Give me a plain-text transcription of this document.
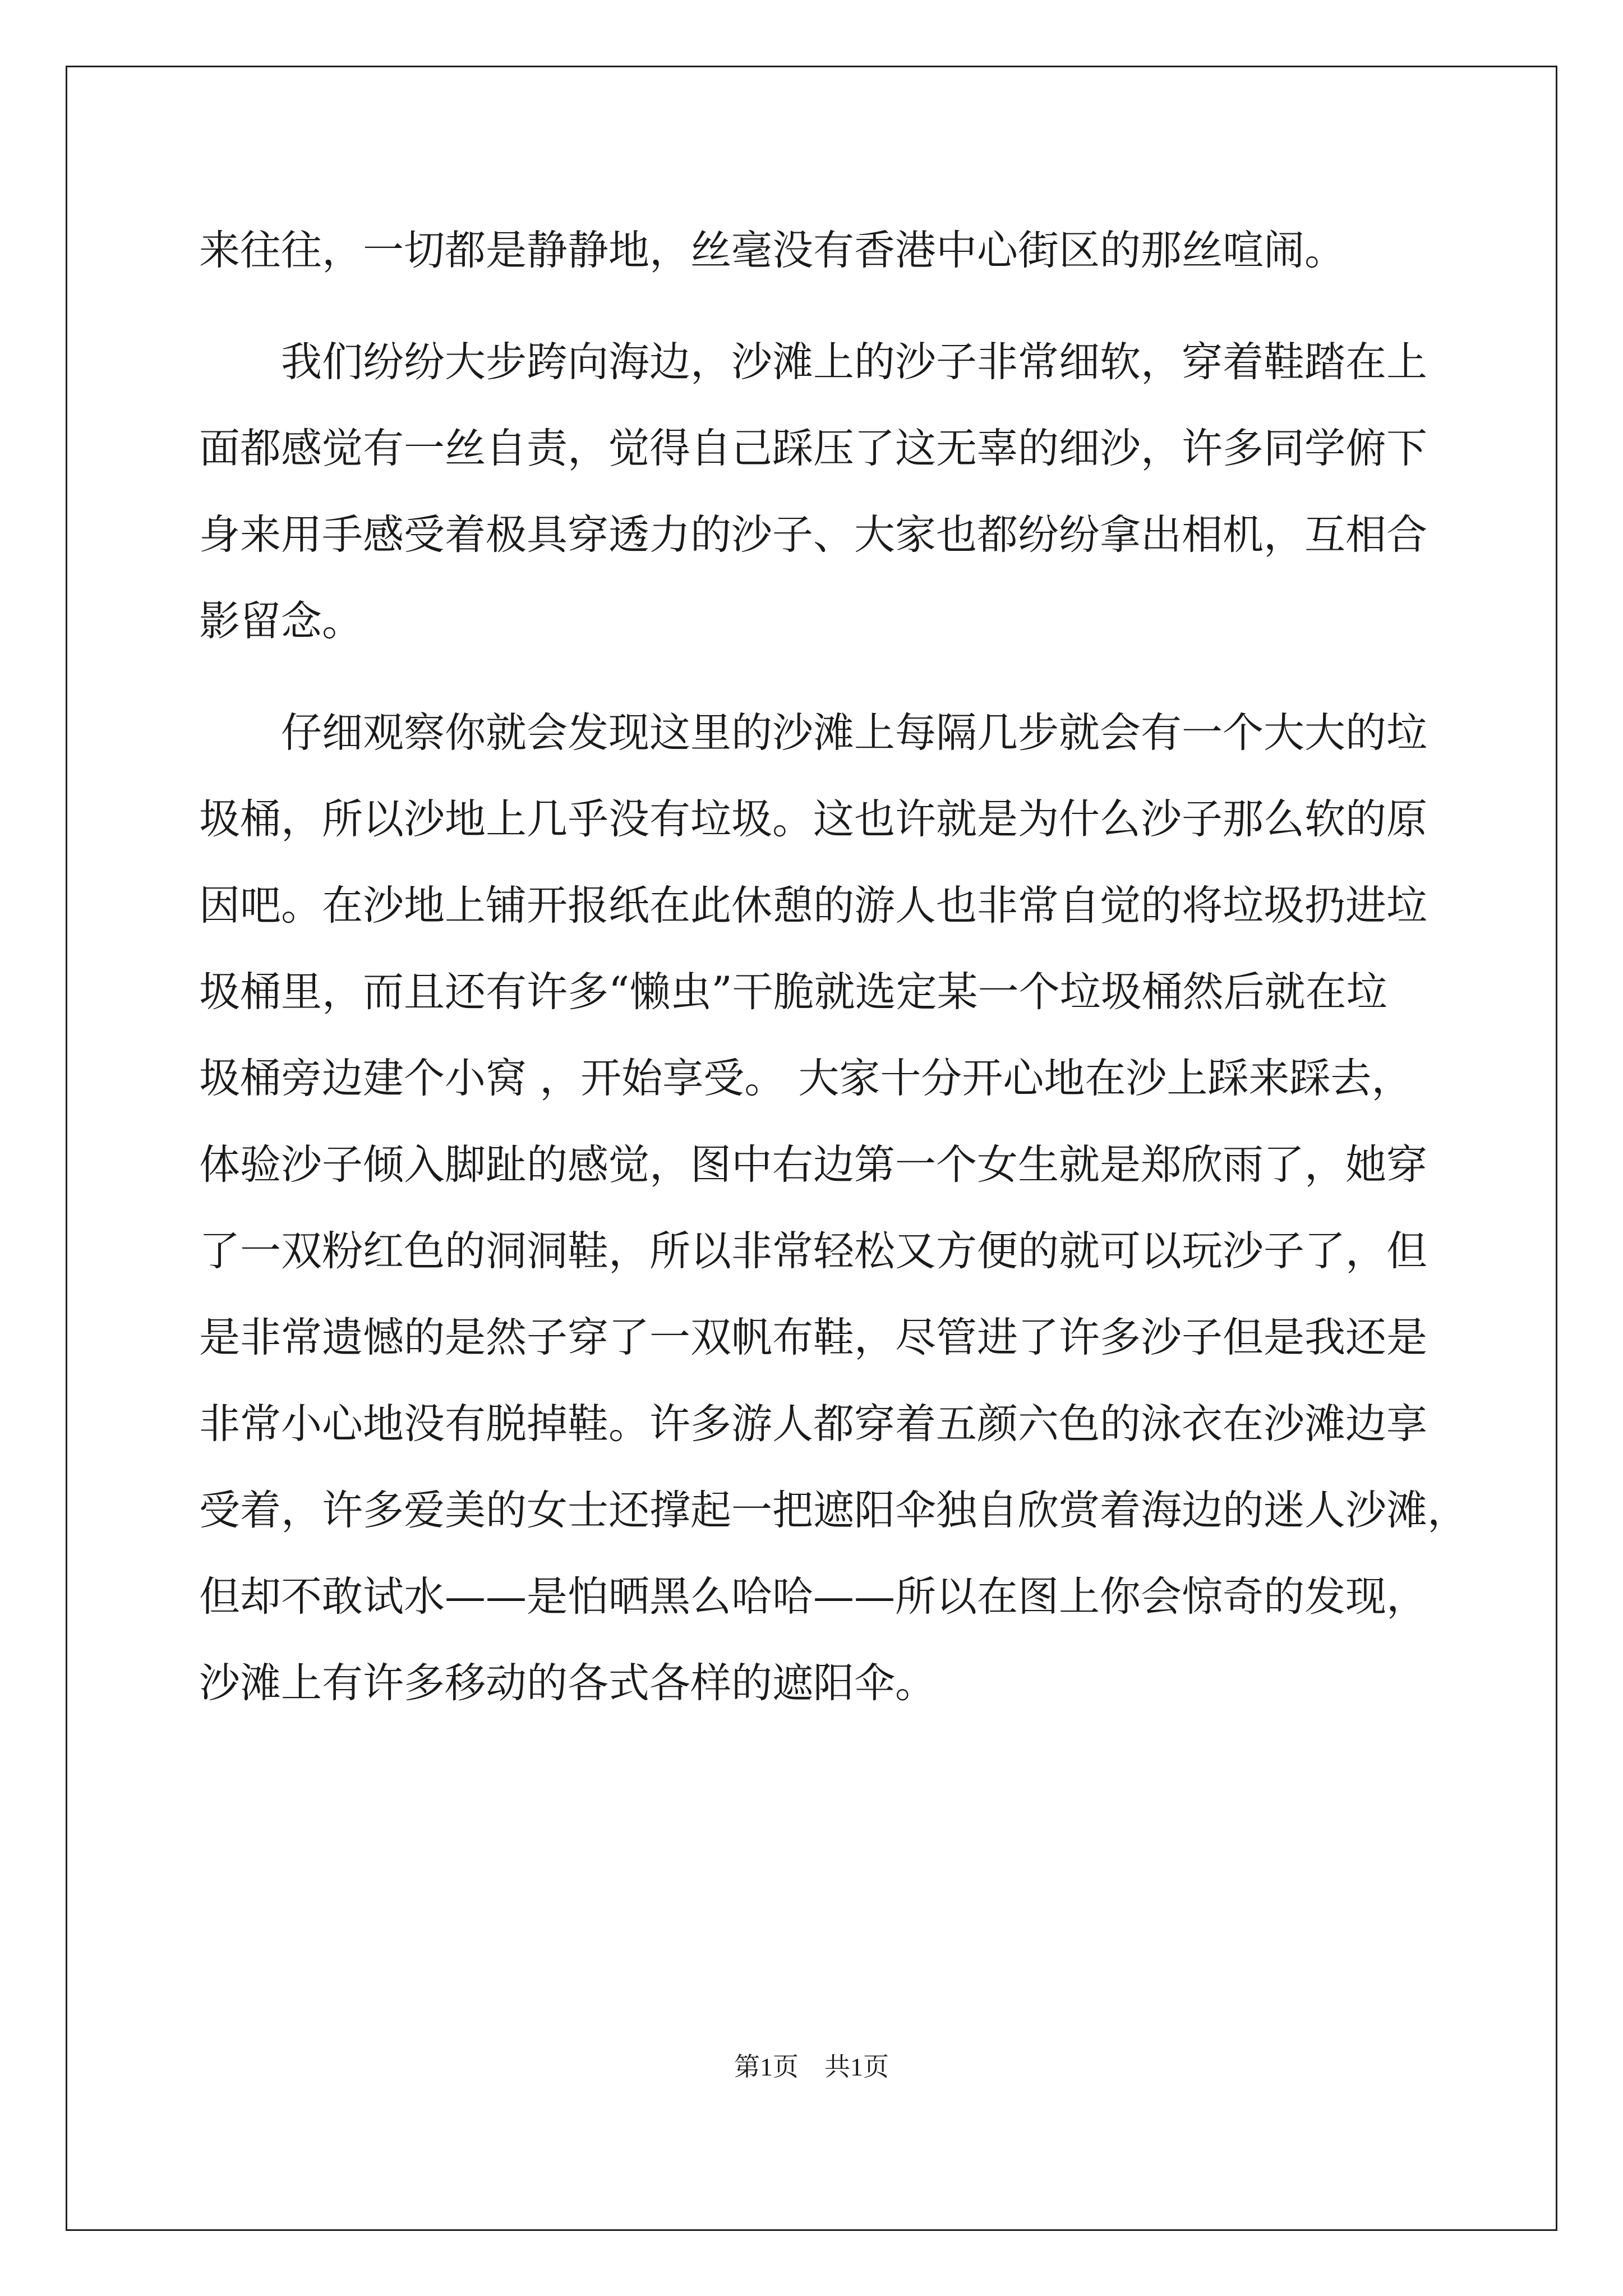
来往往，一切都是静静地，丝毫没有香港中心街区的那丝喧闹。
　　我们纷纷大步跨向海边，沙滩上的沙子非常细软，穿着鞋踏在上
面都感觉有一丝自责，觉得自己踩压了这无辜的细沙，许多同学俯下
身来用手感受着极具穿透力的沙子、大家也都纷纷拿出相机，互相合
影留念。
　　仔细观察你就会发现这里的沙滩上每隔几步就会有一个大大的垃
圾桶，所以沙地上几乎没有垃圾。这也许就是为什么沙子那么软的原
因吧。在沙地上铺开报纸在此休憩的游人也非常自觉的将垃圾扔进垃
圾桶里，而且还有许多“懒虫”干脆就选定某一个垃圾桶然后就在垃
圾桶旁边建个小窝 ，开始享受。 大家十分开心地在沙上踩来踩去，
体验沙子倾入脚趾的感觉，图中右边第一个女生就是郑欣雨了，她穿
了一双粉红色的洞洞鞋，所以非常轻松又方便的就可以玩沙子了，但
是非常遗憾的是然子穿了一双帆布鞋，尽管进了许多沙子但是我还是
非常小心地没有脱掉鞋。许多游人都穿着五颜六色的泳衣在沙滩边享
受着，许多爱美的女士还撑起一把遮阳伞独自欣赏着海边的迷人沙滩，
但却不敢试水——是怕晒黑么哈哈——所以在图上你会惊奇的发现，
沙滩上有许多移动的各式各样的遮阳伞。
第1页　共1页
